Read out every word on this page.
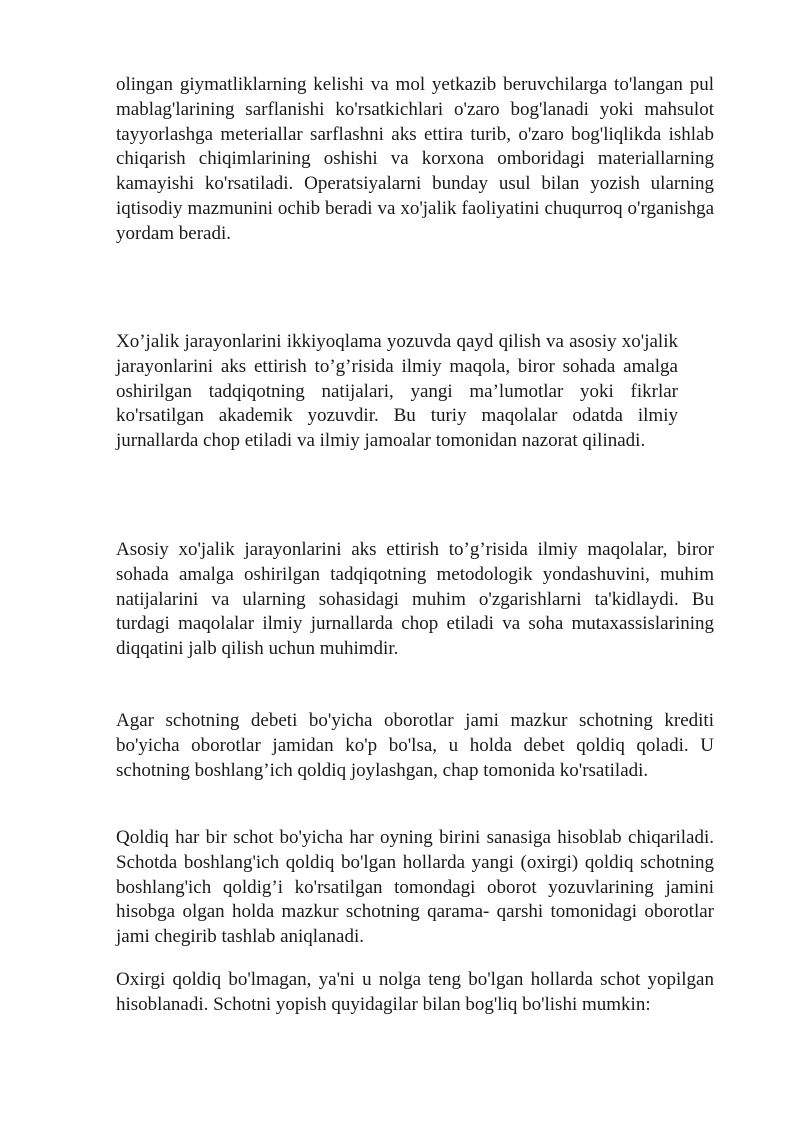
olingan giymatliklarning kelishi va mol yetkazib beruvchilarga to'langan pul mablag'larining sarflanishi ko'rsatkichlari o'zaro bog'lanadi yoki mahsulot tayyorlashga meteriallar sarflashni aks ettira turib, o'zaro bog'liqlikda ishlab chiqarish chiqimlarining oshishi va korxona omboridagi materiallarning kamayishi ko'rsatiladi. Operatsiyalarni bunday usul bilan yozish ularning iqtisodiy mazmunini ochib beradi va xo'jalik faoliyatini chuqurroq o'rganishga yordam beradi.

Xo’jalik jarayonlarini ikkiyoqlama yozuvda qayd qilish va asosiy xo'jalik jarayonlarini aks ettirish to’g’risida ilmiy maqola, biror sohada amalga oshirilgan tadqiqotning natijalari, yangi ma’lumotlar yoki fikrlar ko'rsatilgan akademik yozuvdir. Bu turiy maqolalar odatda ilmiy jurnallarda chop etiladi va ilmiy jamoalar tomonidan nazorat qilinadi.

Asosiy xo'jalik jarayonlarini aks ettirish to’g’risida ilmiy maqolalar, biror sohada amalga oshirilgan tadqiqotning metodologik yondashuvini, muhim natijalarini va ularning sohasidagi muhim o'zgarishlarni ta'kidlaydi. Bu turdagi maqolalar ilmiy jurnallarda chop etiladi va soha mutaxassislarining diqqatini jalb qilish uchun muhimdir.

Agar schotning debeti bo'yicha oborotlar jami mazkur schotning krediti bo'yicha oborotlar jamidan ko'p bo'lsa, u holda debet qoldiq qoladi. U schotning boshlang’ich qoldiq joylashgan, chap tomonida ko'rsatiladi.

Qoldiq har bir schot bo'yicha har oyning birini sanasiga hisoblab chiqariladi. Schotda boshlang'ich qoldiq bo'lgan hollarda yangi (oxirgi) qoldiq schotning boshlang'ich qoldig’i ko'rsatilgan tomondagi oborot yozuvlarining jamini hisobga olgan holda mazkur schotning qarama- qarshi tomonidagi oborotlar jami chegirib tashlab aniqlanadi.

Oxirgi qoldiq bo'lmagan, ya'ni u nolga teng bo'lgan hollarda schot yopilgan hisoblanadi. Schotni yopish quyidagilar bilan bog'liq bo'lishi mumkin:
